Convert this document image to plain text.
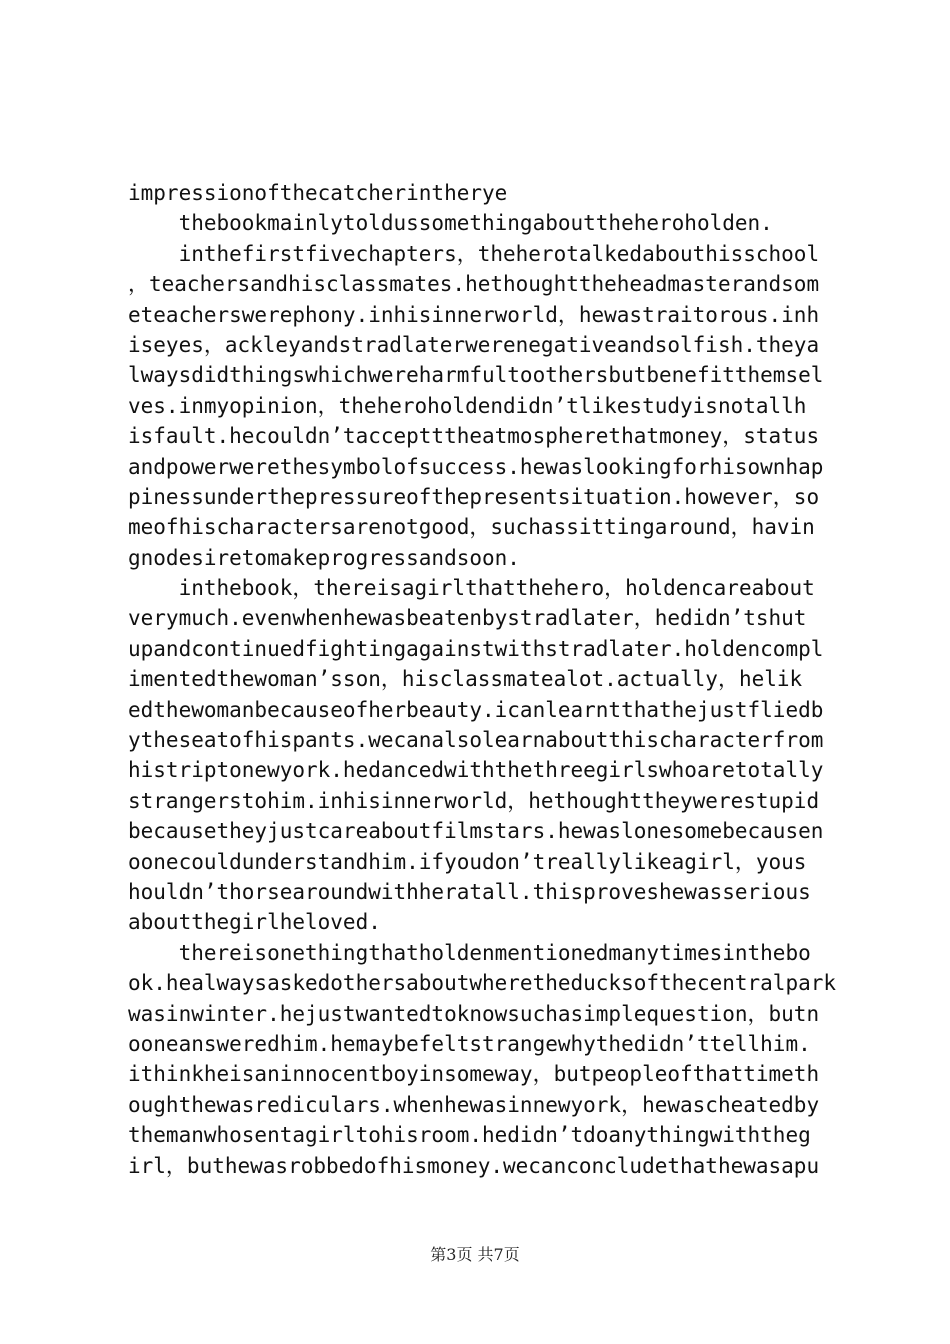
impressionofthecatcherintherye
thebookmainlytoldussomethingabouttheheroholden.
inthefirstfivechapters，theherotalkedabouthisschool
，teachersandhisclassmates.hethoughttheheadmasterandsom
eteacherswerephony.inhisinnerworld，hewastraitorous.inh
iseyes，ackleyandstradlaterwerenegativeandsolfish.theya
lwaysdidthingswhichwereharmfultoothersbutbenefitthemsel
ves.inmyopinion，theheroholdendidn’tlikestudyisnotallh
isfault.hecouldn’tacceptttheatmospherethatmoney，status
andpowerwerethesymbolofsuccess.hewaslookingforhisownhap
pinessunderthepressureofthepresentsituation.however，so
meofhischaractersarenotgood，suchassittingaround，havin
gnodesiretomakeprogressandsoon.
inthebook，thereisagirlthatthehero，holdencareabout
verymuch.evenwhenhewasbeatenbystradlater，hedidn’tshut
upandcontinuedfightingagainstwithstradlater.holdencompl
imentedthewoman’sson，hisclassmatealot.actually，helik
edthewomanbecauseofherbeauty.icanlearntthathejustfliedb
ytheseatofhispants.wecanalsolearnaboutthischaracterfrom
histriptonewyork.hedancedwiththethreegirlswhoaretotally
strangerstohim.inhisinnerworld，hethoughttheywerestupid
becausetheyjustcareaboutfilmstars.hewaslonesomebecausen
oonecouldunderstandhim.ifyoudon’treallylikeagirl，yous
houldn’thorsearoundwithheratall.thisproveshewasserious
aboutthegirlheloved.
thereisonethingthatholdenmentionedmanytimesinthebo
ok.healwaysaskedothersaboutwheretheducksofthecentralpark
wasinwinter.hejustwantedtoknowsuchasimplequestion，butn
ooneansweredhim.hemaybefeltstrangewhythedidn’ttellhim.
ithinkheisaninnocentboyinsomeway，butpeopleofthattimeth
oughthewasrediculars.whenhewasinnewyork，hewascheatedby
themanwhosentagirltohisroom.hedidn’tdoanythingwiththeg
irl，buthewasrobbedofhismoney.wecanconcludethathewasapu
第3页 共7页
